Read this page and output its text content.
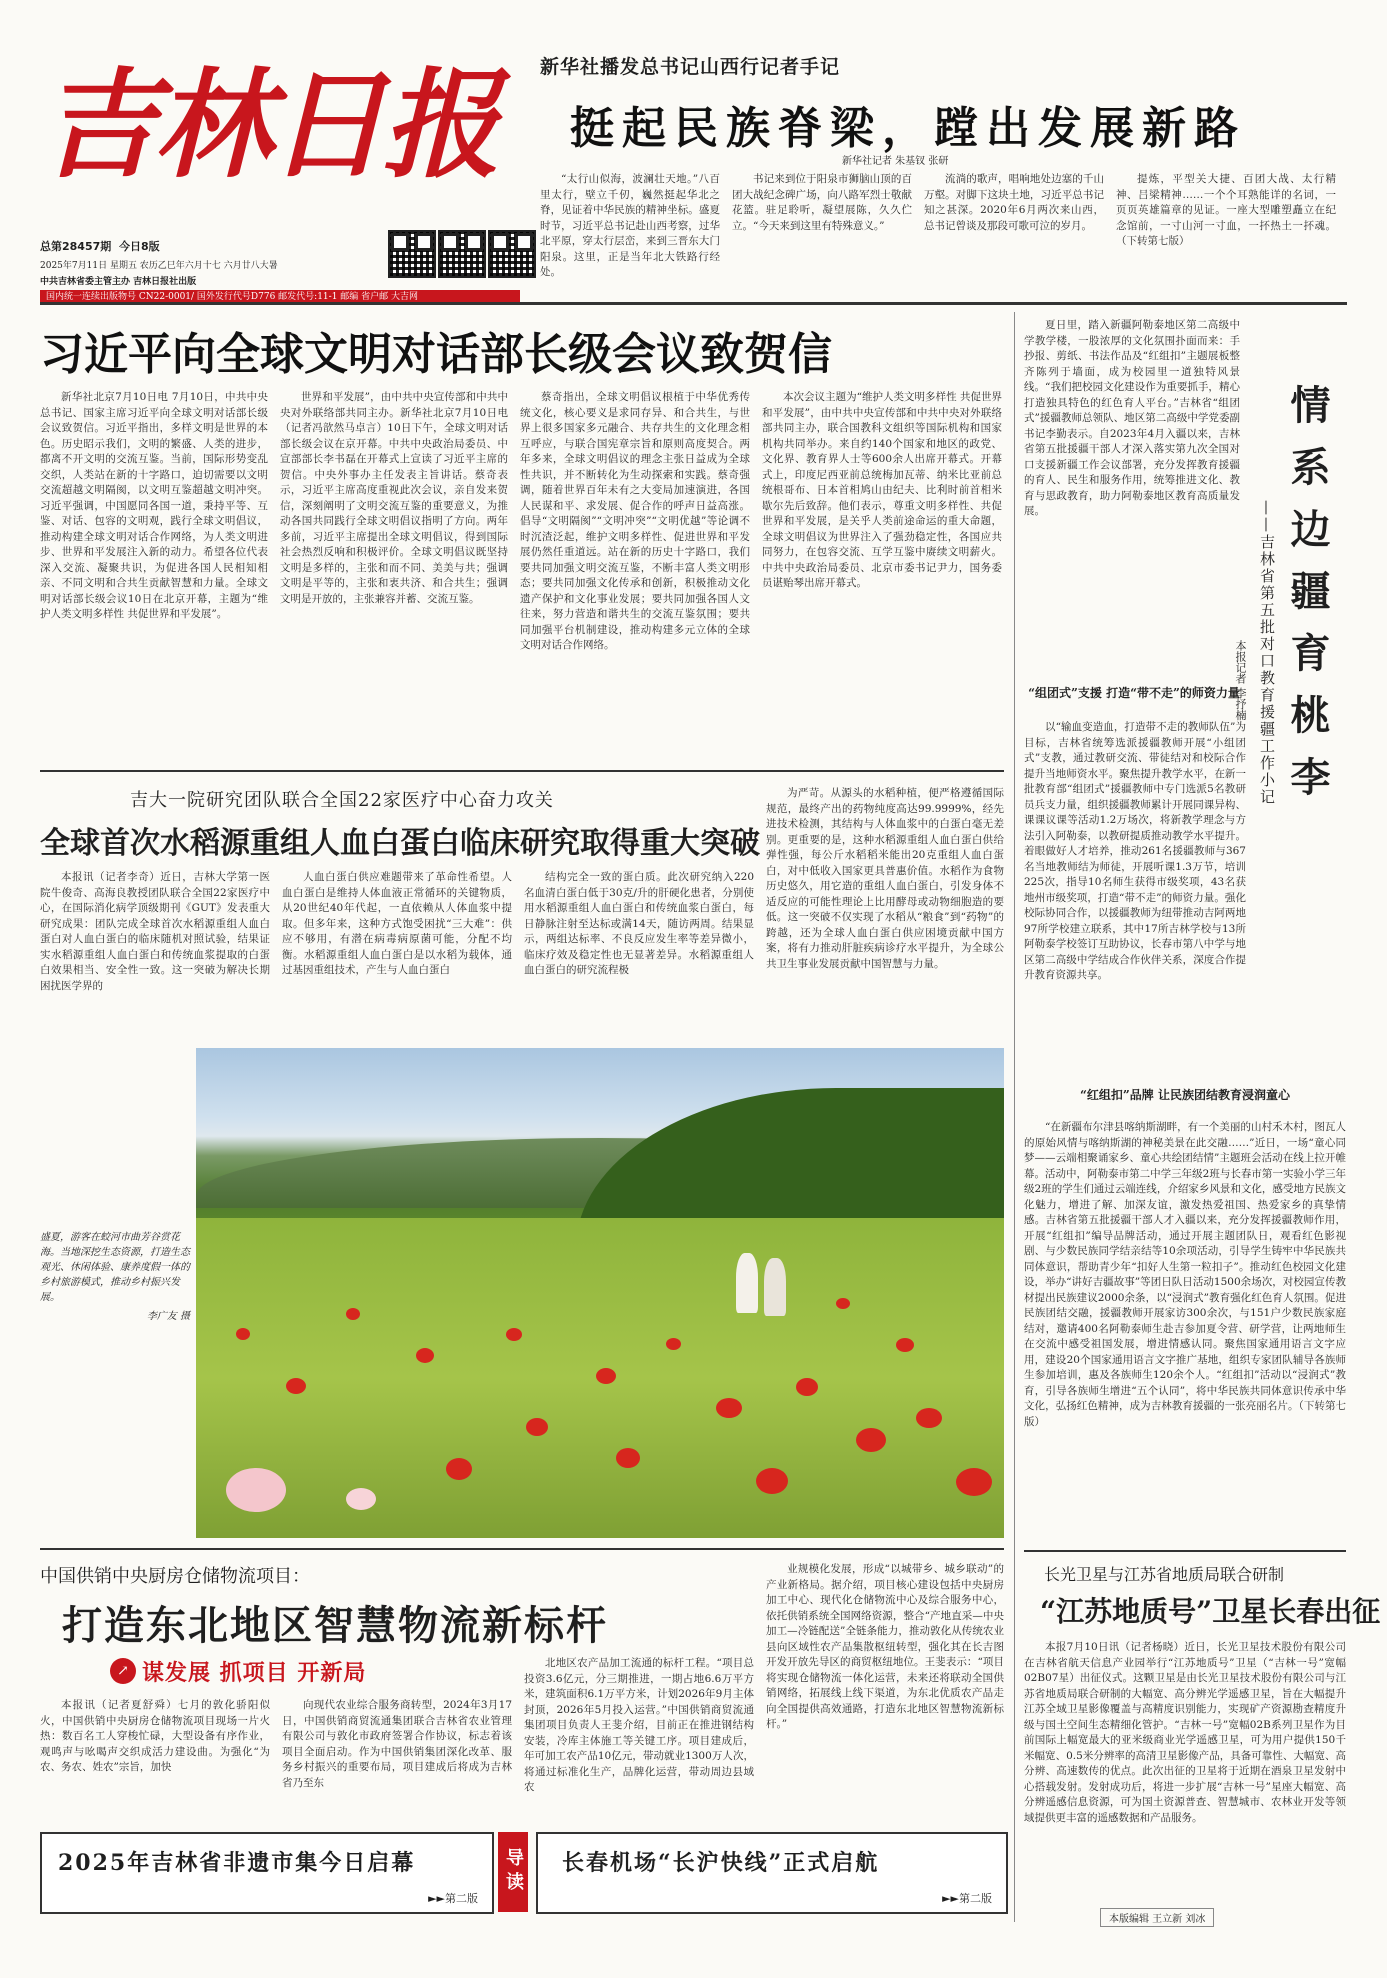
吉林日报
总第28457期 今日8版
2025年7月11日 星期五 农历乙巳年六月十七 六月廿八大暑
中共吉林省委主管主办 吉林日报社出版
国内统一连续出版物号 CN22-0001/ 国外发行代号D776 邮发代号:11-1 邮编 省户邮 大吉网
新华社播发总书记山西行记者手记
挺起民族脊梁，蹚出发展新路
新华社记者 朱基钗 张研

“太行山似海，波澜壮天地。”八百里太行，壁立千仞，巍然挺起华北之脊，见证着中华民族的精神坐标。盛夏时节，习近平总书记赴山西考察，过华北平原，穿太行层峦，来到三晋东大门阳泉。这里，正是当年北大铁路行经处。

书记来到位于阳泉市狮脑山顶的百团大战纪念碑广场，向八路军烈士敬献花篮。驻足聆听，凝望展陈，久久伫立。“今天来到这里有特殊意义。”

流淌的歌声，唱响地处边塞的千山万壑。对脚下这块土地，习近平总书记知之甚深。2020年6月两次来山西，总书记曾谈及那段可歌可泣的岁月。

提炼，平型关大捷、百团大战、太行精神、吕梁精神……一个个耳熟能详的名词，一页页英雄篇章的见证。一座大型雕塑矗立在纪念馆前，一寸山河一寸血，一抔热土一抔魂。（下转第七版）

习近平向全球文明对话部长级会议致贺信

新华社北京7月10日电 7月10日，中共中央总书记、国家主席习近平向全球文明对话部长级会议致贺信。习近平指出，多样文明是世界的本色。历史昭示我们，文明的繁盛、人类的进步，都离不开文明的交流互鉴。当前，国际形势变乱交织，人类站在新的十字路口，迫切需要以文明交流超越文明隔阂，以文明互鉴超越文明冲突。习近平强调，中国愿同各国一道，秉持平等、互鉴、对话、包容的文明观，践行全球文明倡议，推动构建全球文明对话合作网络，为人类文明进步、世界和平发展注入新的动力。希望各位代表深入交流、凝聚共识，为促进各国人民相知相亲、不同文明和合共生贡献智慧和力量。全球文明对话部长级会议10日在北京开幕，主题为“维护人类文明多样性 共促世界和平发展”。

世界和平发展”，由中共中央宣传部和中共中央对外联络部共同主办。新华社北京7月10日电（记者冯歆然马卓言）10日下午，全球文明对话部长级会议在京开幕。中共中央政治局委员、中宣部部长李书磊在开幕式上宣读了习近平主席的贺信。中央外事办主任发表主旨讲话。蔡奇表示，习近平主席高度重视此次会议，亲自发来贺信，深刻阐明了文明交流互鉴的重要意义，为推动各国共同践行全球文明倡议指明了方向。两年多前，习近平主席提出全球文明倡议，得到国际社会热烈反响和积极评价。全球文明倡议既坚持文明是多样的，主张和而不同、美美与共；强调文明是平等的，主张和衷共济、和合共生；强调文明是开放的，主张兼容并蓄、交流互鉴。

蔡奇指出，全球文明倡议根植于中华优秀传统文化，核心要义是求同存异、和合共生，与世界上很多国家多元融合、共存共生的文化理念相互呼应，与联合国宪章宗旨和原则高度契合。两年多来，全球文明倡议的理念主张日益成为全球性共识，并不断转化为生动探索和实践。蔡奇强调，随着世界百年未有之大变局加速演进，各国人民谋和平、求发展、促合作的呼声日益高涨。倡导“文明隔阂”“文明冲突”“文明优越”等论调不时沉渣泛起，维护文明多样性、促进世界和平发展仍然任重道远。站在新的历史十字路口，我们要共同加强文明交流互鉴，不断丰富人类文明形态；要共同加强文化传承和创新，积极推动文化遗产保护和文化事业发展；要共同加强各国人文往来，努力营造和谐共生的交流互鉴氛围；要共同加强平台机制建设，推动构建多元立体的全球文明对话合作网络。

本次会议主题为“维护人类文明多样性 共促世界和平发展”，由中共中央宣传部和中共中央对外联络部共同主办，联合国教科文组织等国际机构和国家机构共同举办。来自约140个国家和地区的政党、文化界、教育界人士等600余人出席开幕式。开幕式上，印度尼西亚前总统梅加瓦蒂、纳米比亚前总统根哥布、日本首相鸠山由纪夫、比利时前首相米歇尔先后致辞。他们表示，尊重文明多样性、共促世界和平发展，是关乎人类前途命运的重大命题，全球文明倡议为世界注入了强劲稳定性，各国应共同努力，在包容交流、互学互鉴中赓续文明薪火。中共中央政治局委员、北京市委书记尹力，国务委员谌贻琴出席开幕式。

吉大一院研究团队联合全国22家医疗中心奋力攻关
全球首次水稻源重组人血白蛋白临床研究取得重大突破

本报讯（记者李奇）近日，吉林大学第一医院牛俊奇、高海良教授团队联合全国22家医疗中心，在国际消化病学顶级期刊《GUT》发表重大研究成果：团队完成全球首次水稻源重组人血白蛋白对人血白蛋白的临床随机对照试验，结果证实水稻源重组人血白蛋白和传统血浆提取的白蛋白效果相当、安全性一致。这一突破为解决长期困扰医学界的

人血白蛋白供应难题带来了革命性希望。人血白蛋白是维持人体血液正常循环的关键物质，从20世纪40年代起，一直依赖从人体血浆中提取。但多年来，这种方式饱受困扰“三大难”：供应不够用，有潜在病毒病原菌可能，分配不均衡。水稻源重组人血白蛋白是以水稻为载体，通过基因重组技术，产生与人血白蛋白

结构完全一致的蛋白质。此次研究纳入220名血清白蛋白低于30克/升的肝硬化患者，分别使用水稻源重组人血白蛋白和传统血浆白蛋白，每日静脉注射至达标或满14天，随访两周。结果显示，两组达标率、不良反应发生率等差异微小，临床疗效及稳定性也无显著差异。水稻源重组人血白蛋白的研究流程极

为严苛。从源头的水稻种植，便严格遵循国际规范，最终产出的药物纯度高达99.9999%，经先进技术检测，其结构与人体血浆中的白蛋白毫无差别。更重要的是，这种水稻源重组人血白蛋白供给弹性强，每公斤水稻稻米能出20克重组人血白蛋白，对中低收入国家更具普惠价值。水稻作为食物历史悠久，用它造的重组人血白蛋白，引发身体不适反应的可能性理论上比用酵母或动物细胞造的要低。这一突破不仅实现了水稻从“粮食”到“药物”的跨越，还为全球人血白蛋白供应困境贡献中国方案，将有力推动肝脏疾病诊疗水平提升，为全球公共卫生事业发展贡献中国智慧与力量。

盛夏，游客在蛟河市曲芳谷赏花海。当地深挖生态资源，打造生态观光、休闲体验、康养度假一体的乡村旅游模式，推动乡村振兴发展。
李广友 摄
中国供销中央厨房仓储物流项目：
打造东北地区智慧物流新标杆
↗ 谋发展 抓项目 开新局

本报讯（记者夏舒舜）七月的敦化骄阳似火，中国供销中央厨房仓储物流项目现场一片火热：数百名工人穿梭忙碌，大型设备有序作业，观鸣声与吆喝声交织成活力建设曲。为强化“为农、务农、姓农”宗旨，加快

向现代农业综合服务商转型，2024年3月17日，中国供销商贸流通集团联合吉林省农业管理有限公司与敦化市政府签署合作协议，标志着该项目全面启动。作为中国供销集团深化改革、服务乡村振兴的重要布局，项目建成后将成为吉林省乃至东

北地区农产品加工流通的标杆工程。“项目总投资3.6亿元，分三期推进，一期占地6.6万平方米，建筑面积6.1万平方米，计划2026年9月主体封顶，2026年5月投入运营。”中国供销商贸流通集团项目负责人王斐介绍，目前正在推进钢结构安装，冷库主体施工等关键工序。项目建成后，年可加工农产品10亿元，带动就业1300万人次，将通过标准化生产，品牌化运营，带动周边县域农

业规模化发展，形成“以城带乡、城乡联动”的产业新格局。据介绍，项目核心建设包括中央厨房加工中心、现代化仓储物流中心及综合服务中心，依托供销系统全国网络资源，整合“产地直采—中央加工—冷链配送”全链条能力，推动敦化从传统农业县向区域性农产品集散枢纽转型，强化其在长吉图开发开放先导区的商贸枢纽地位。王斐表示：“项目将实现仓储物流一体化运营，未来还将联动全国供销网络，拓展线上线下渠道，为东北优质农产品走向全国提供高效通路，打造东北地区智慧物流新标杆。”

2025年吉林省非遗市集今日启幕
►►第二版
导读 长春机场“长沪快线”正式启航
►►第二版

夏日里，踏入新疆阿勒泰地区第二高级中学教学楼，一股浓厚的文化氛围扑面而来：手抄报、剪纸、书法作品及“红组扣”主题展板整齐陈列于墙面，成为校园里一道独特风景线。“我们把校园文化建设作为重要抓手，精心打造独具特色的红色育人平台。”吉林省“组团式”援疆教师总领队、地区第二高级中学党委副书记李勤表示。自2023年4月入疆以来，吉林省第五批援疆干部人才深入落实第九次全国对口支援新疆工作会议部署，充分发挥教育援疆的育人、民生和服务作用，统筹推进文化、教育与思政教育，助力阿勒泰地区教育高质量发展。	情系边疆育桃李
——吉林省第五批对口教育援疆工作小记
本报记者 李抒楠
“组团式”支援 打造“带不走”的师资力量

以“输血变造血，打造带不走的教师队伍”为目标，吉林省统筹选派援疆教师开展“小组团式”支教，通过教研交流、带徒结对和校际合作提升当地师资水平。聚焦提升教学水平，在新一批教育部“组团式”援疆教师中专门选派5名教研员兵支力量，组织援疆教师累计开展同课异构、课课议课等活动1.2万场次，将新教学理念与方法引入阿勒泰，以教研提质推动教学水平提升。着眼做好人才培养，推动261名援疆教师与367名当地教师结为师徒，开展听课1.3万节，培训225次，指导10名师生获得市级奖项，43名获地州市级奖项，打造“带不走”的师资力量。强化校际协同合作，以援疆教师为纽带推动吉阿两地97所学校建立联系，其中17所吉林学校与13所阿勒泰学校签订互助协议，长春市第八中学与地区第二高级中学结成合作伙伴关系，深度合作提升教育资源共享。

“红组扣”品牌 让民族团结教育浸润童心

“在新疆布尔津县喀纳斯湖畔，有一个美丽的山村禾木村，图瓦人的原始风情与喀纳斯湖的神秘美景在此交融……”近日，一场“童心同梦——云端相聚诵家乡、童心共绘团结情”主题班会活动在线上拉开帷幕。活动中，阿勒泰市第二中学三年级2班与长春市第一实验小学三年级2班的学生们通过云端连线，介绍家乡风景和文化，感受地方民族文化魅力，增进了解、加深友谊，激发热爱祖国、热爱家乡的真挚情感。吉林省第五批援疆干部人才入疆以来，充分发挥援疆教师作用，开展“红组扣”编导品牌活动，通过开展主题团队日，观看红色影视剧、与少数民族同学结亲结等10余项活动，引导学生铸牢中华民族共同体意识，帮助青少年“扣好人生第一粒扣子”。推动红色校园文化建设，举办“讲好吉疆故事”等团日队日活动1500余场次，对校园宣传教材提出民族建议2000余条，以“浸润式”教育强化红色育人氛围。促进民族团结交融，援疆教师开展家访300余次，与151户少数民族家庭结对，邀请400名阿勒泰师生赴吉参加夏令营、研学营，让两地师生在交流中感受祖国发展，增进情感认同。聚焦国家通用语言文字应用，建设20个国家通用语言文字推广基地，组织专家团队辅导各族师生参加培训，惠及各族师生120余个人。“红组扣”活动以“浸润式”教育，引导各族师生增进“五个认同”，将中华民族共同体意识传承中华文化，弘扬红色精神，成为吉林教育援疆的一张亮丽名片。（下转第七版）

长光卫星与江苏省地质局联合研制
“江苏地质号”卫星长春出征

本报7月10日讯（记者杨晓）近日，长光卫星技术股份有限公司在吉林省航天信息产业园举行“江苏地质号”卫星（“吉林一号”宽幅02B07星）出征仪式。这颗卫星是由长光卫星技术股份有限公司与江苏省地质局联合研制的大幅宽、高分辨光学遥感卫星，旨在大幅提升江苏全域卫星影像覆盖与高精度识别能力，实现矿产资源勘查精度升级与国土空间生态精细化管护。“吉林一号”宽幅02B系列卫星作为目前国际上幅宽最大的亚米级商业光学遥感卫星，可为用户提供150千米幅宽、0.5米分辨率的高清卫星影像产品，具备可靠性、大幅宽、高分辨、高速数传的优点。此次出征的卫星将于近期在酒泉卫星发射中心搭载发射。发射成功后，将进一步扩展“吉林一号”星座大幅宽、高分辨遥感信息资源，可为国土资源普查、智慧城市、农林业开发等领域提供更丰富的遥感数据和产品服务。

本版编辑 王立新 刘冰
